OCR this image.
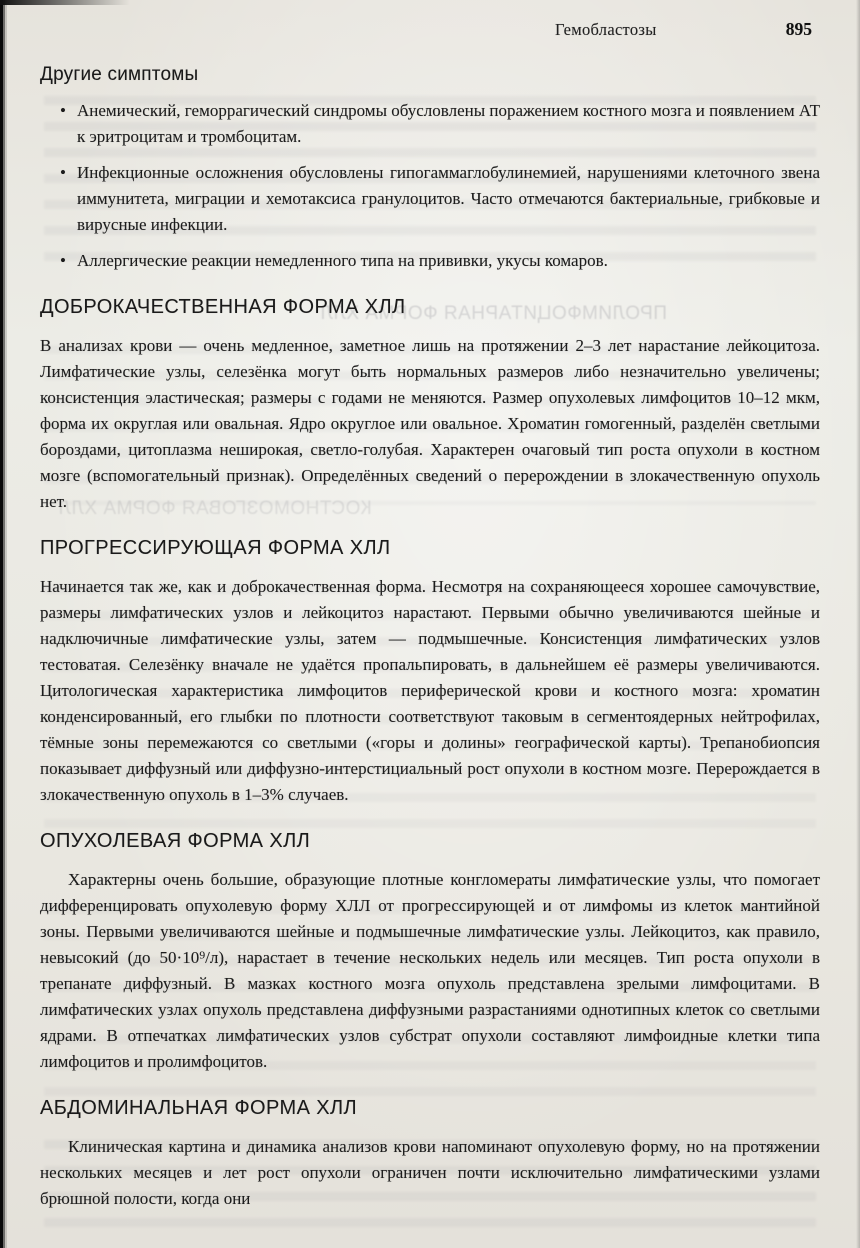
ПРОЛИМФОЦИТАРНАЯ ФОРМА ХЛЛ
КОСТНОМОЗГОВАЯ ФОРМА ХЛЛ
Гемобластозы	895
Другие симптомы
• Анемический, геморрагический синдромы обусловлены поражением костного мозга и появлением АТ к эритроцитам и тромбоцитам.
• Инфекционные осложнения обусловлены гипогаммаглобулинемией, нарушениями клеточного звена иммунитета, миграции и хемотаксиса гранулоцитов. Часто отмечаются бактериальные, грибковые и вирусные инфекции.
• Аллергические реакции немедленного типа на прививки, укусы комаров.
ДОБРОКАЧЕСТВЕННАЯ ФОРМА ХЛЛ

В анализах крови — очень медленное, заметное лишь на протяжении 2–3 лет нарастание лейкоцитоза. Лимфатические узлы, селезёнка могут быть нормальных размеров либо незначительно увеличены; консистенция эластическая; размеры с годами не меняются. Размер опухолевых лимфоцитов 10–12 мкм, форма их округлая или овальная. Ядро округлое или овальное. Хроматин гомогенный, разделён светлыми бороздами, цитоплазма неширокая, светло-голубая. Характерен очаговый тип роста опухоли в костном мозге (вспомогательный признак). Определённых сведений о перерождении в злокачественную опухоль нет.

ПРОГРЕССИРУЮЩАЯ ФОРМА ХЛЛ

Начинается так же, как и доброкачественная форма. Несмотря на сохраняющееся хорошее самочувствие, размеры лимфатических узлов и лейкоцитоз нарастают. Первыми обычно увеличиваются шейные и надключичные лимфатические узлы, затем — подмышечные. Консистенция лимфатических узлов тестоватая. Селезёнку вначале не удаётся пропальпировать, в дальнейшем её размеры увеличиваются. Цитологическая характеристика лимфоцитов периферической крови и костного мозга: хроматин конденсированный, его глыбки по плотности соответствуют таковым в сегментоядерных нейтрофилах, тёмные зоны перемежаются со светлыми («горы и долины» географической карты). Трепанобиопсия показывает диффузный или диффузно-интерстициальный рост опухоли в костном мозге. Перерождается в злокачественную опухоль в 1–3% случаев.

ОПУХОЛЕВАЯ ФОРМА ХЛЛ

Характерны очень большие, образующие плотные конгломераты лимфатические узлы, что помогает дифференцировать опухолевую форму ХЛЛ от прогрессирующей и от лимфомы из клеток мантийной зоны. Первыми увеличиваются шейные и подмышечные лимфатические узлы. Лейкоцитоз, как правило, невысокий (до 50·10⁹/л), нарастает в течение нескольких недель или месяцев. Тип роста опухоли в трепанате диффузный. В мазках костного мозга опухоль представлена зрелыми лимфоцитами. В лимфатических узлах опухоль представлена диффузными разрастаниями однотипных клеток со светлыми ядрами. В отпечатках лимфатических узлов субстрат опухоли составляют лимфоидные клетки типа лимфоцитов и пролимфоцитов.

АБДОМИНАЛЬНАЯ ФОРМА ХЛЛ

Клиническая картина и динамика анализов крови напоминают опухолевую форму, но на протяжении нескольких месяцев и лет рост опухоли ограничен почти исключительно лимфатическими узлами брюшной полости, когда они
